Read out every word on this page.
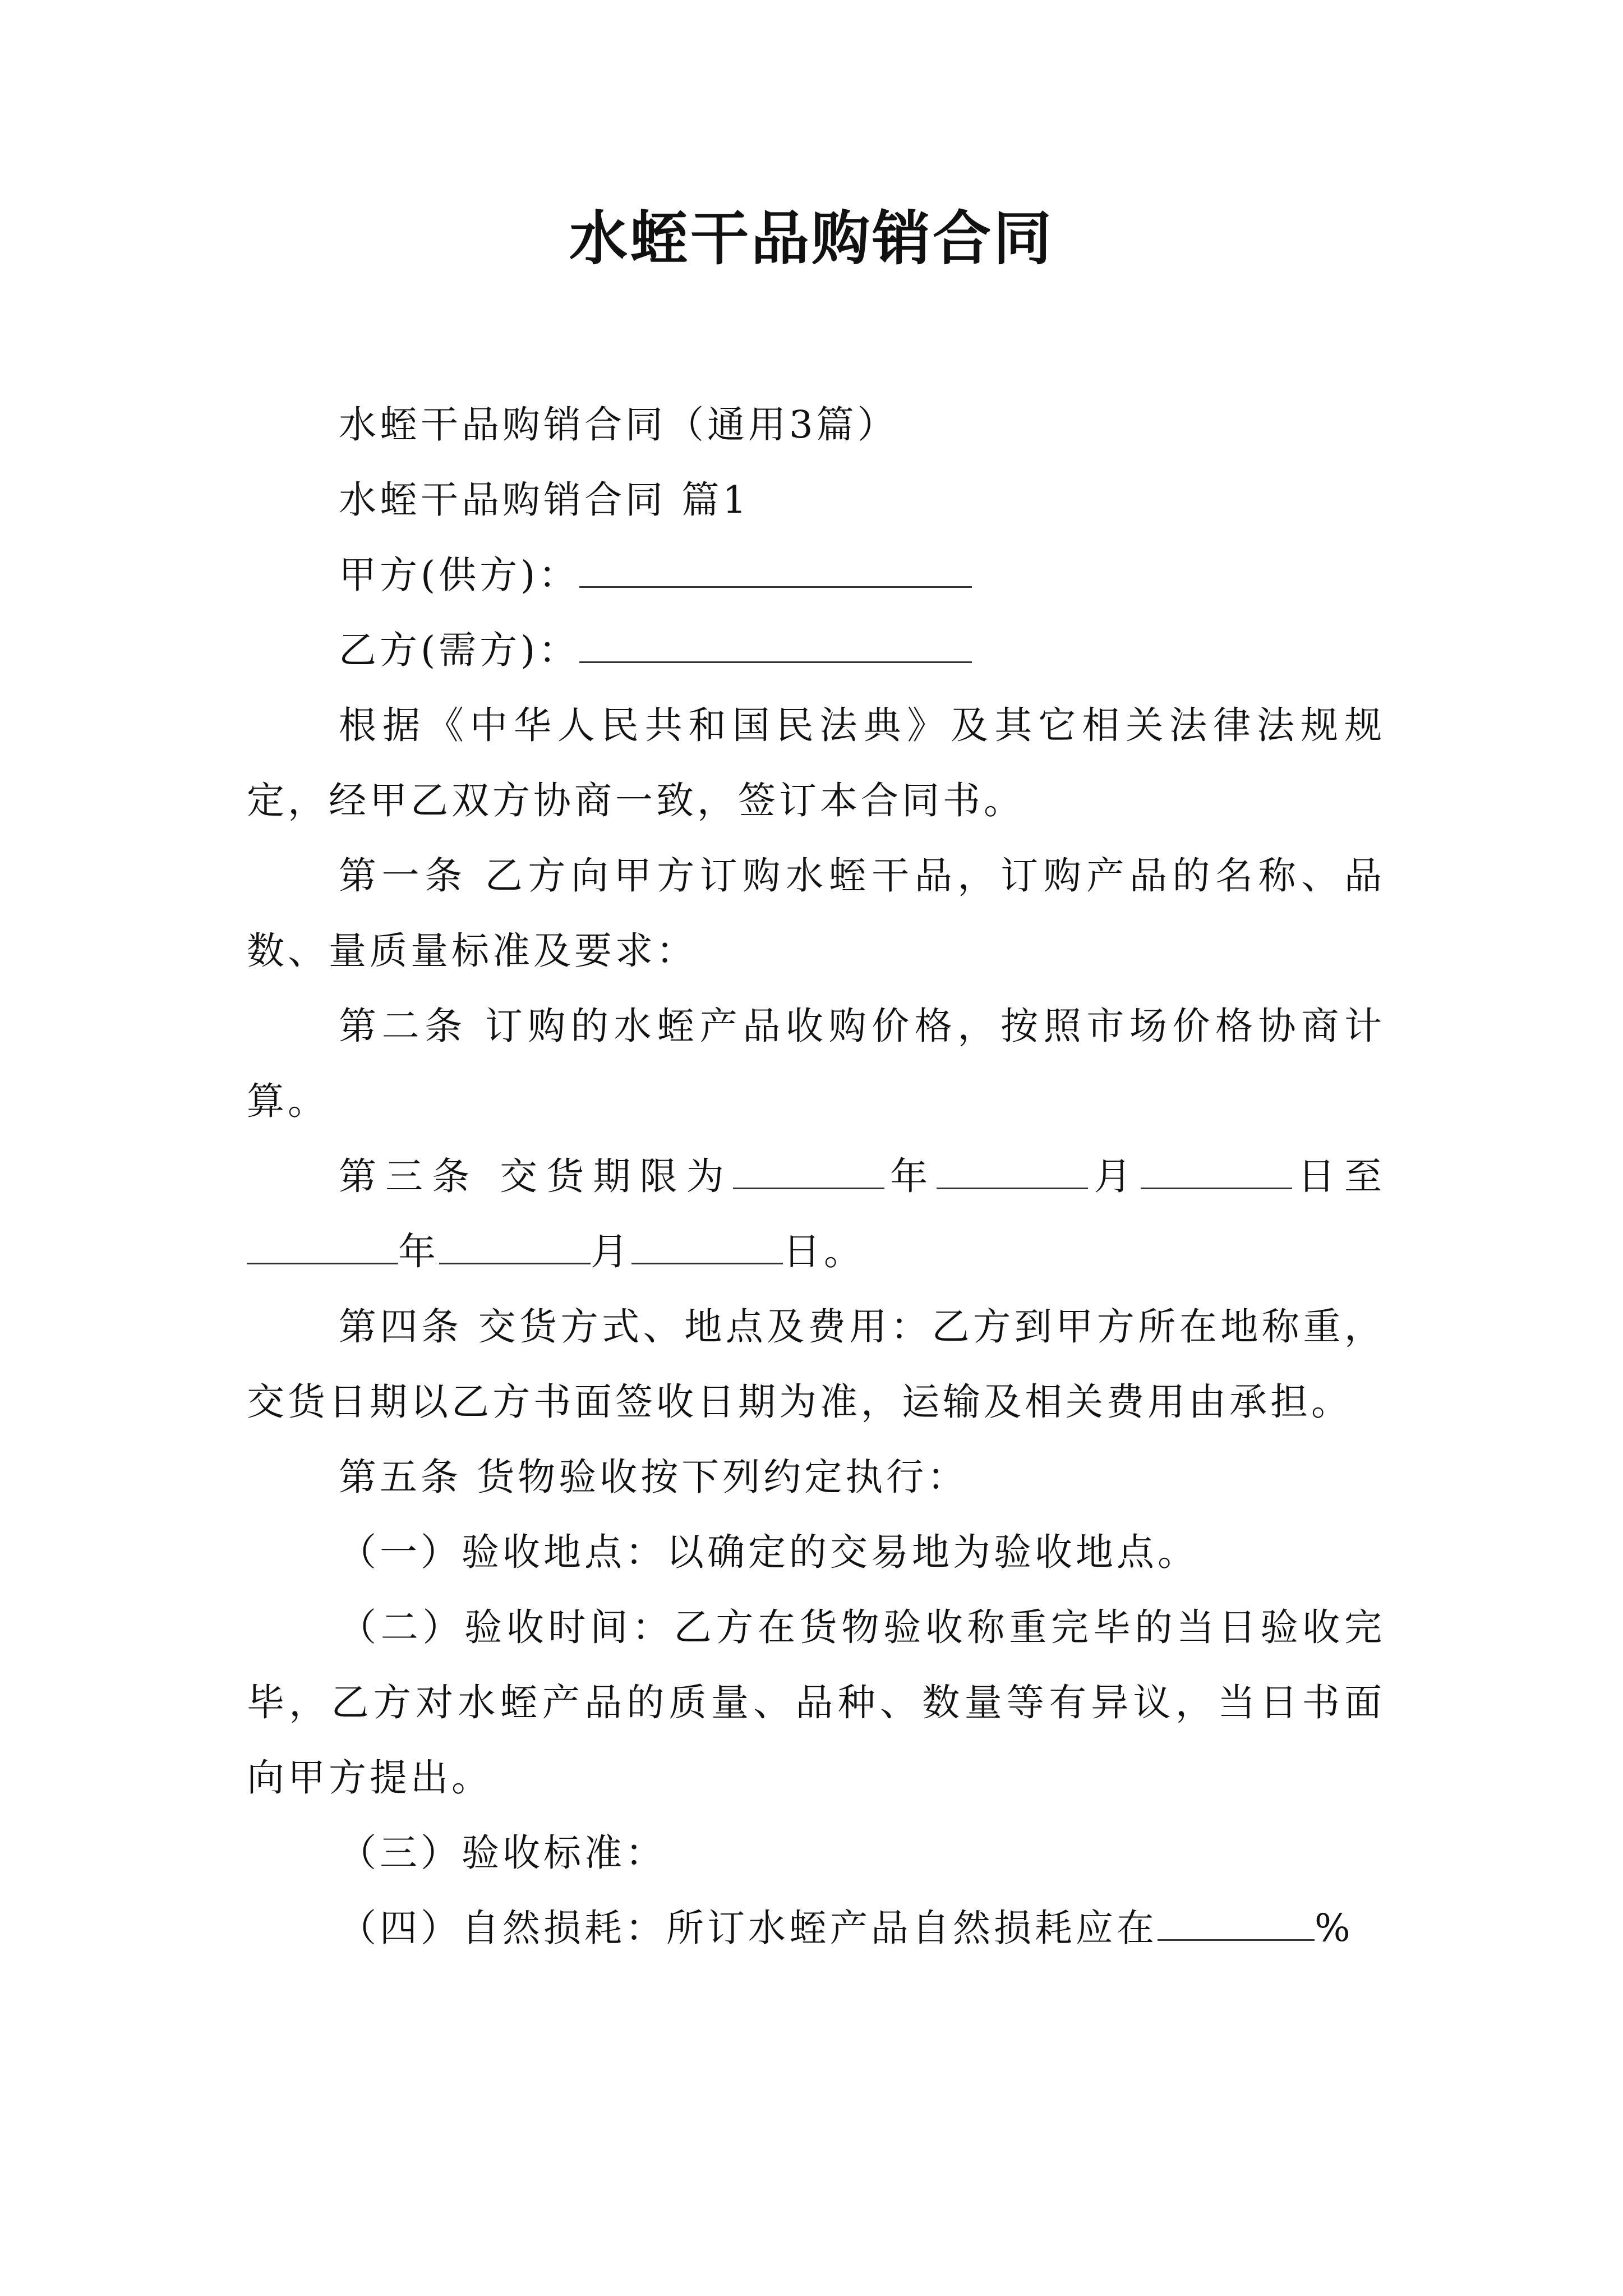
水蛭干品购销合同

水蛭干品购销合同（通用3篇）

水蛭干品购销合同 篇1

甲方(供方)：

乙方(需方)：

根据《中华人民共和国民法典》及其它相关法律法规规定，经甲乙双方协商一致，签订本合同书。

第一条 乙方向甲方订购水蛭干品，订购产品的名称、品数、量质量标准及要求：

第二条 订购的水蛭产品收购价格，按照市场价格协商计算。

第三条 交货期限为	年	月	日至年	月	日。

第四条 交货方式、地点及费用：乙方到甲方所在地称重，交货日期以乙方书面签收日期为准，运输及相关费用由承担。

第五条 货物验收按下列约定执行：

（一）验收地点：以确定的交易地为验收地点。

（二）验收时间：乙方在货物验收称重完毕的当日验收完毕，乙方对水蛭产品的质量、品种、数量等有异议，当日书面向甲方提出。

（三）验收标准：

（四）自然损耗：所订水蛭产品自然损耗应在	%
